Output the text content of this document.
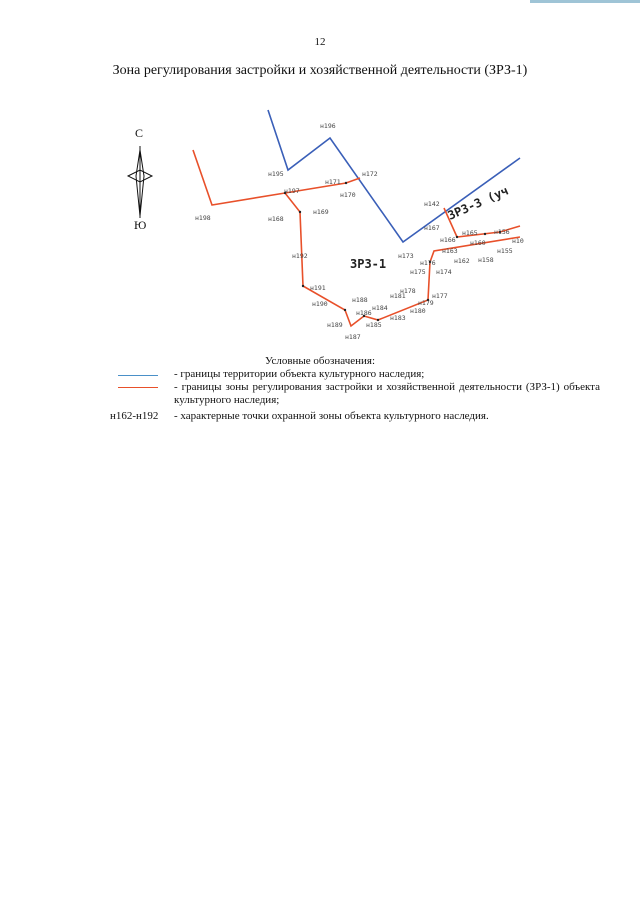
12
Зона регулирования застройки и хозяйственной деятельности (ЗРЗ-1)
С
Ю
ЗРЗ-1
ЗРЗ-3 (уч
н196
н195	н172
н171
н170
н197
н198	н168
н169
н142
н167
н165
н166
н156
н10
н163
н160
н155
н173
н192
н162 н158
н176
н174
н175
н178
н177
н191
н181
н179
н188
н184
н190
н186	н180
н183
н189	н185
н187
Условные обозначения:
- границы территории объекта культурного наследия;
- границы зоны регулирования застройки и хозяйственной деятельности (ЗРЗ-1) объекта культурного наследия;
н162-н192	- характерные точки охранной зоны объекта культурного наследия.
